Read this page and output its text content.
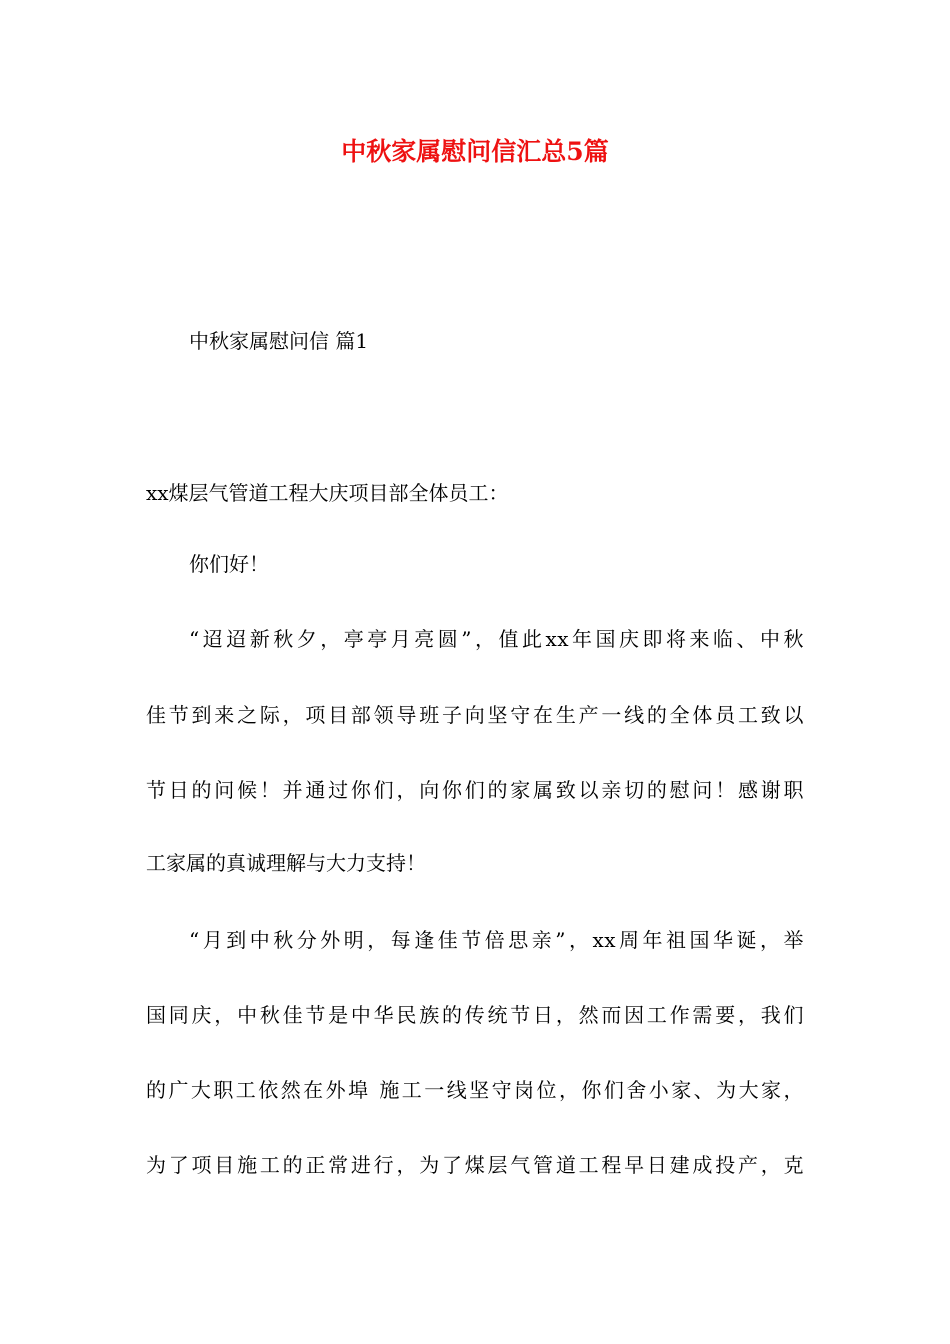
中秋家属慰问信汇总5篇
中秋家属慰问信 篇1
xx煤层气管道工程大庆项目部全体员工：
你们好！
“迢迢新秋夕，亭亭月亮圆”，值此xx年国庆即将来临、中秋
佳节到来之际，项目部领导班子向坚守在生产一线的全体员工致以
节日的问候！并通过你们，向你们的家属致以亲切的慰问！感谢职
工家属的真诚理解与大力支持！
“月到中秋分外明，每逢佳节倍思亲”，xx周年祖国华诞，举
国同庆，中秋佳节是中华民族的传统节日，然而因工作需要，我们
的广大职工依然在外埠 施工一线坚守岗位，你们舍小家、为大家，
为了项目施工的正常进行，为了煤层气管道工程早日建成投产，克
